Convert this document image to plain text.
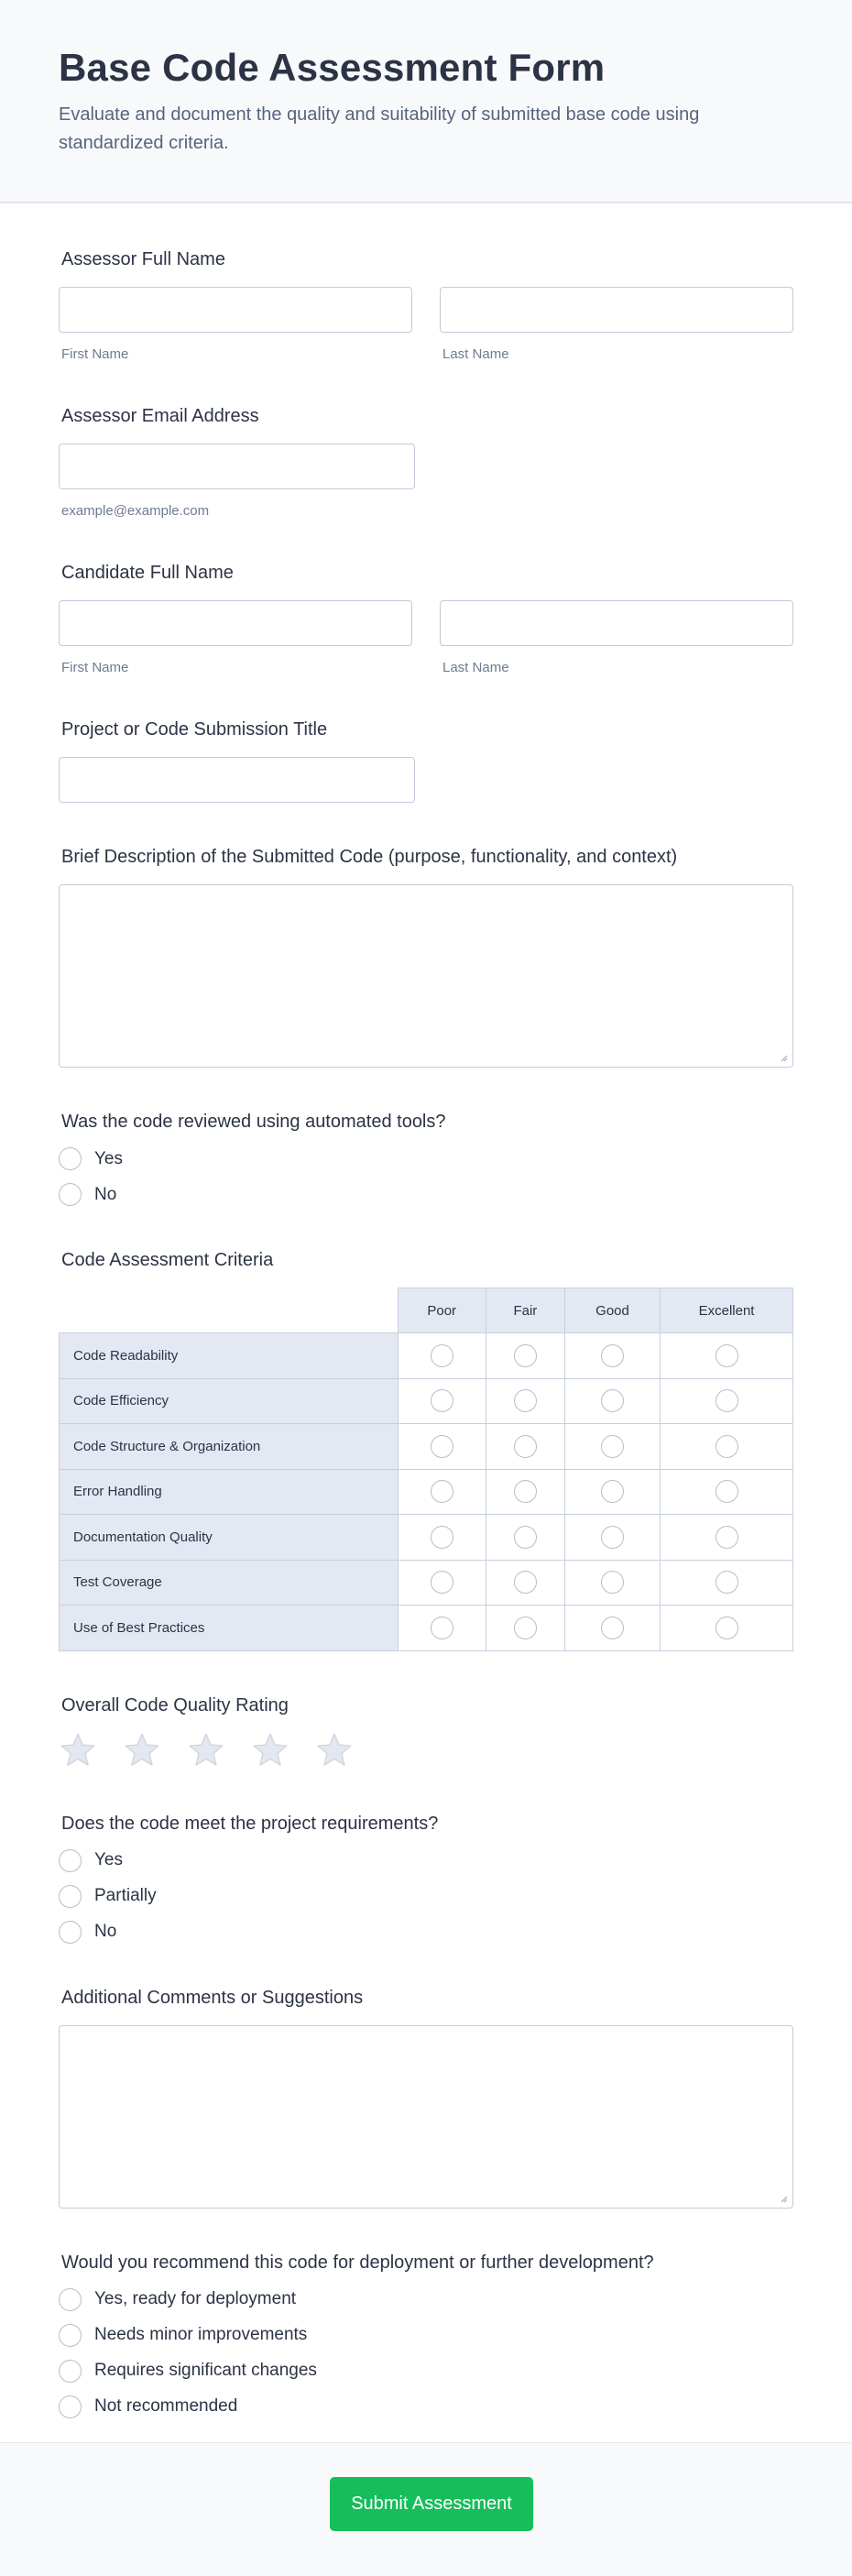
Base Code Assessment Form

Evaluate and document the quality and suitability of submitted base code using standardized criteria.

Assessor Full Name
First Name	Last Name
Assessor Email Address
example@example.com
Candidate Full Name
First Name	Last Name
Project or Code Submission Title
Brief Description of the Submitted Code (purpose, functionality, and context)
Was the code reviewed using automated tools?
Yes
No
Code Assessment Criteria
	Poor	Fair	Good	Excellent
Code Readability				
Code Efficiency				
Code Structure & Organization				
Error Handling				
Documentation Quality				
Test Coverage				
Use of Best Practices				
Overall Code Quality Rating
Does the code meet the project requirements?
Yes
Partially
No
Additional Comments or Suggestions
Would you recommend this code for deployment or further development?
Yes, ready for deployment
Needs minor improvements
Requires significant changes
Not recommended
Submit Assessment
